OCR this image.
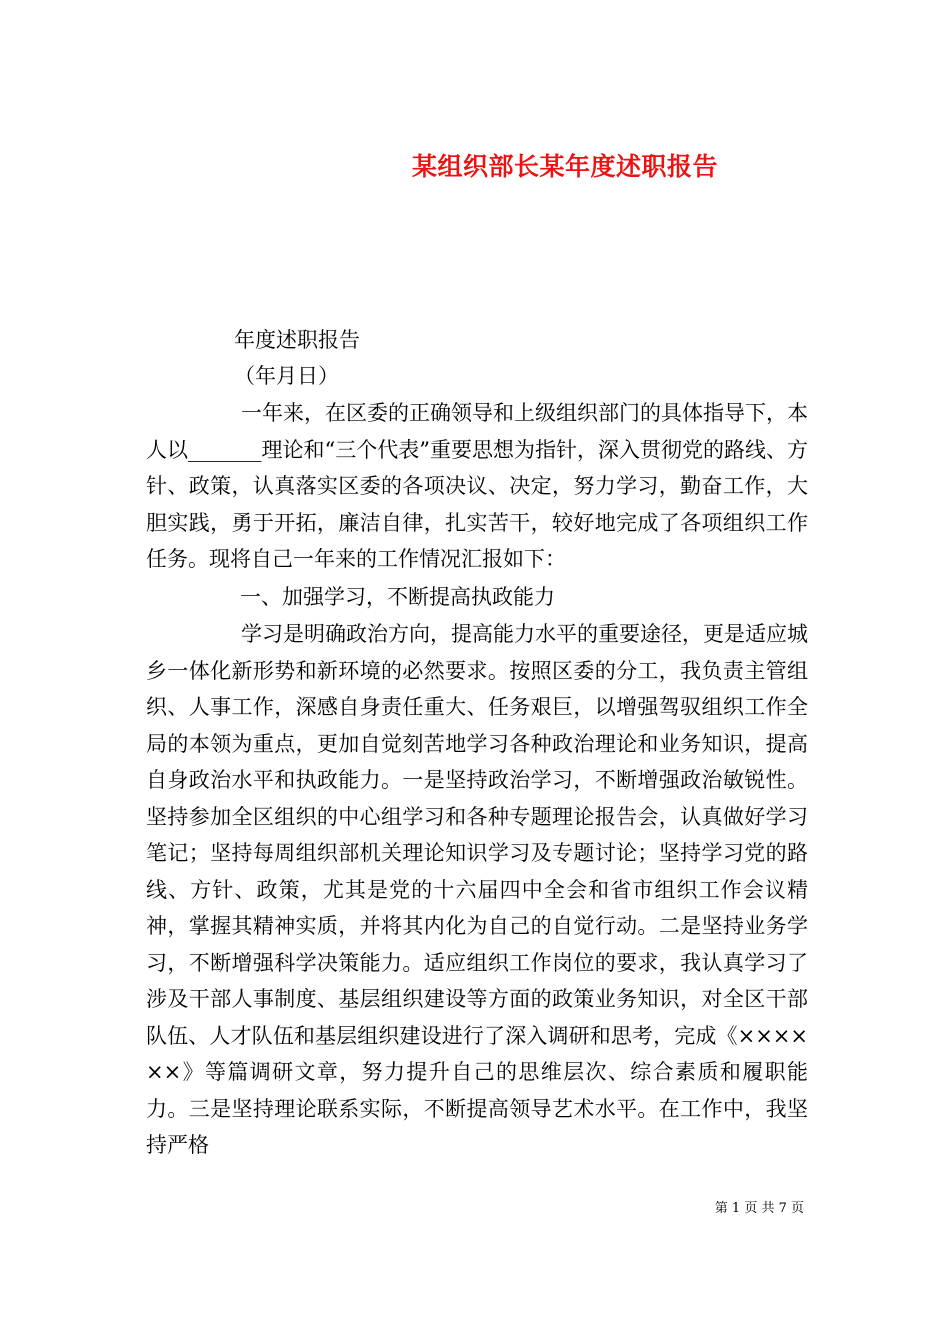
某组织部长某年度述职报告

年度述职报告

（年月日）

一年来，在区委的正确领导和上级组织部门的具体指导下，本人以_______理论和“三个代表”重要思想为指针，深入贯彻党的路线、方针、政策，认真落实区委的各项决议、决定，努力学习，勤奋工作，大胆实践，勇于开拓，廉洁自律，扎实苦干，较好地完成了各项组织工作任务。现将自己一年来的工作情况汇报如下：

一、加强学习，不断提高执政能力

学习是明确政治方向，提高能力水平的重要途径，更是适应城乡一体化新形势和新环境的必然要求。按照区委的分工，我负责主管组织、人事工作，深感自身责任重大、任务艰巨，以增强驾驭组织工作全局的本领为重点，更加自觉刻苦地学习各种政治理论和业务知识，提高自身政治水平和执政能力。一是坚持政治学习，不断增强政治敏锐性。坚持参加全区组织的中心组学习和各种专题理论报告会，认真做好学习笔记；坚持每周组织部机关理论知识学习及专题讨论；坚持学习党的路线、方针、政策，尤其是党的十六届四中全会和省市组织工作会议精神，掌握其精神实质，并将其内化为自己的自觉行动。二是坚持业务学习，不断增强科学决策能力。适应组织工作岗位的要求，我认真学习了涉及干部人事制度、基层组织建设等方面的政策业务知识，对全区干部队伍、人才队伍和基层组织建设进行了深入调研和思考，完成《××××××》等篇调研文章，努力提升自己的思维层次、综合素质和履职能力。三是坚持理论联系实际，不断提高领导艺术水平。在工作中，我坚持严格

第 1 页 共 7 页
